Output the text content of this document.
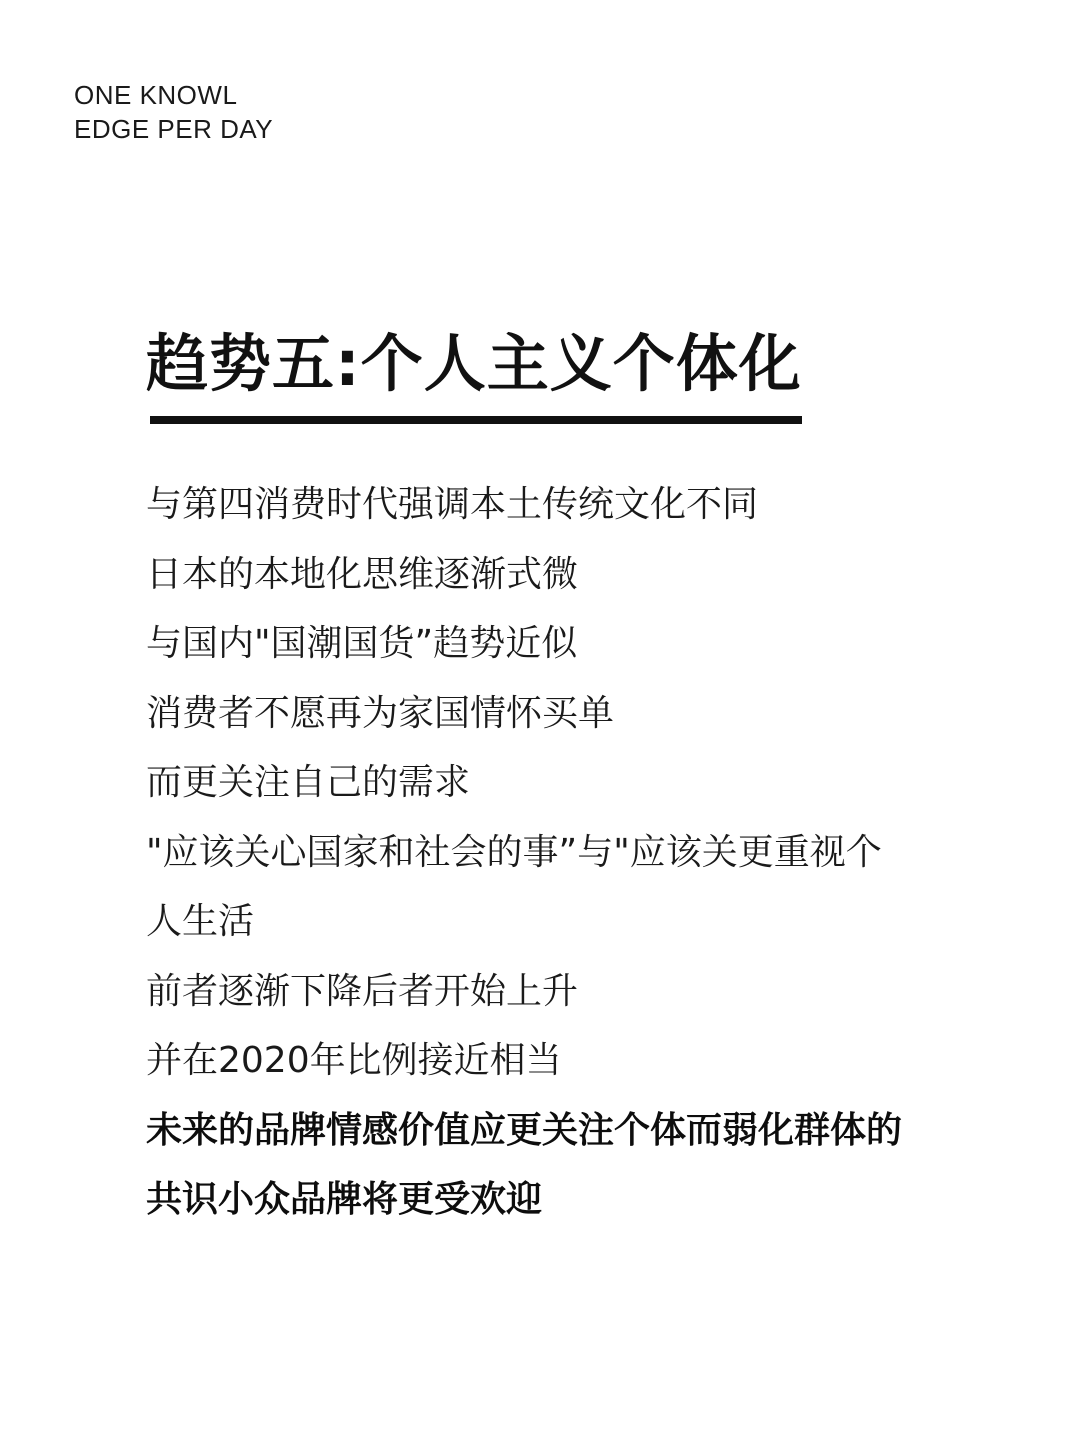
ONE KNOWL
EDGE PER DAY
趋势五:个人主义个体化
与第四消费时代强调本土传统文化不同
日本的本地化思维逐渐式微
与国内"国潮国货”趋势近似
消费者不愿再为家国情怀买单
而更关注自己的需求
"应该关心国家和社会的事”与"应该关更重视个
人生活
前者逐渐下降后者开始上升
并在2020年比例接近相当
未来的品牌情感价值应更关注个体而弱化群体的
共识小众品牌将更受欢迎
